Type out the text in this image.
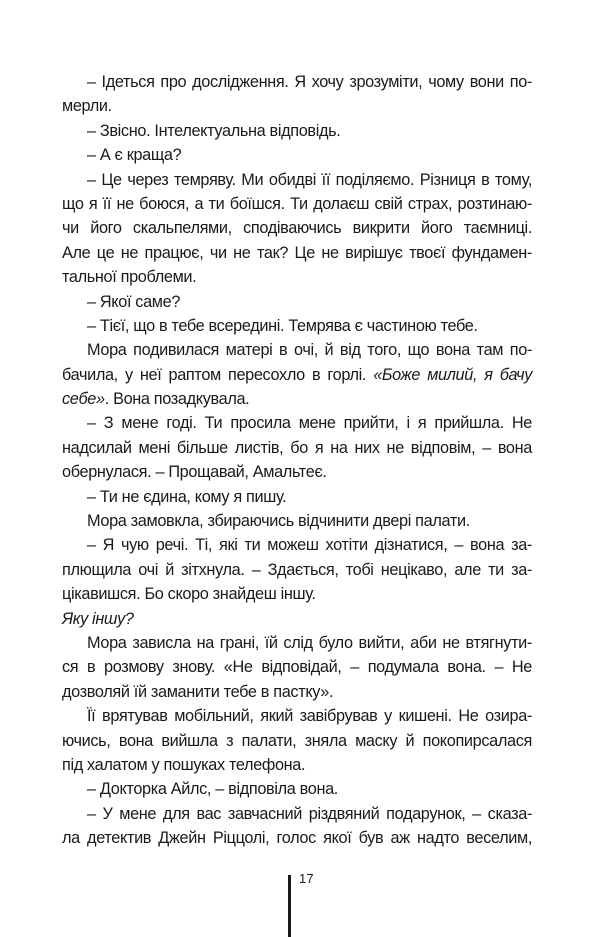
– Ідеться про дослідження. Я хочу зрозуміти, чому вони по-
мерли.
– Звісно. Інтелектуальна відповідь.
– А є краща?
– Це через темряву. Ми обидві її поділяємо. Різниця в тому,
що я її не боюся, а ти боїшся. Ти долаєш свій страх, розтинаю-
чи його скальпелями, сподіваючись викрити його таємниці.
Але це не працює, чи не так? Це не вирішує твоєї фундамен-
тальної проблеми.
– Якої саме?
– Тієї, що в тебе всередині. Темрява є частиною тебе.
Мора подивилася матері в очі, й від того, що вона там по-
бачила, у неї раптом пересохло в горлі. «Боже милий, я бачу
себе». Вона позадкувала.
– З мене годі. Ти просила мене прийти, і я прийшла. Не
надсилай мені більше листів, бо я на них не відповім, – вона
обернулася. – Прощавай, Амальтеє.
– Ти не єдина, кому я пишу.
Мора замовкла, збираючись відчинити двері палати.
– Я чую речі. Ті, які ти можеш хотіти дізнатися, – вона за-
плющила очі й зітхнула. – Здається, тобі нецікаво, але ти за-
цікавишся. Бо скоро знайдеш іншу.
Яку іншу?
Мора зависла на грані, їй слід було вийти, аби не втягнути-
ся в розмову знову. «Не відповідай, – подумала вона. – Не
дозволяй їй заманити тебе в пастку».
Її врятував мобільний, який завібрував у кишені. Не озира-
ючись, вона вийшла з палати, зняла маску й покопирсалася
під халатом у пошуках телефона.
– Докторка Айлс, – відповіла вона.
– У мене для вас завчасний різдвяний подарунок, – сказа-
ла детектив Джейн Ріццолі, голос якої був аж надто веселим,
17
